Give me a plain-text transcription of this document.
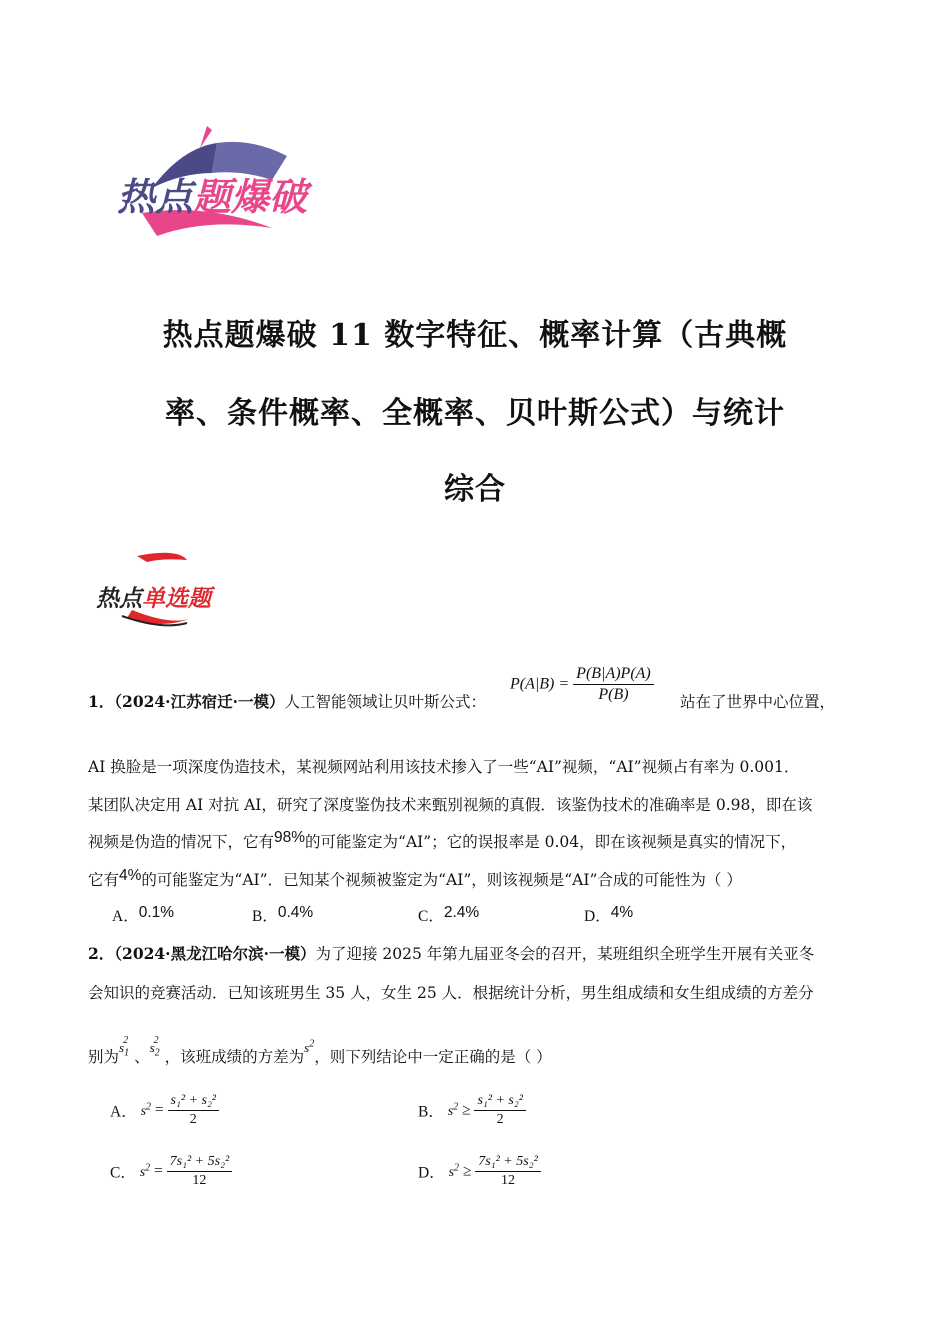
热点题爆破
热点题爆破 11 数字特征、概率计算（古典概
率、条件概率、全概率、贝叶斯公式）与统计
综合
热点单选题
1．（2024·江苏宿迁·一模）人工智能领域让贝叶斯公式：
$P(A|B) = \frac{P(B|A)P(A)}{P(B)}$ 站在了世界中心位置，
AI 换脸是一项深度伪造技术，某视频网站利用该技术掺入了一些“AI”视频，“AI”视频占有率为 0.001．
某团队决定用 AI 对抗 AI，研究了深度鉴伪技术来甄别视频的真假．该鉴伪技术的准确率是 0.98，即在该
视频是伪造的情况下，它有98%的可能鉴定为“AI”；它的误报率是 0.04，即在该视频是真实的情况下，
它有4%的可能鉴定为“AI”．已知某个视频被鉴定为“AI”，则该视频是“AI”合成的可能性为（ ）
A．0.1%	B．0.4%	C．2.4%	D．4%
2．（2024·黑龙江哈尔滨·一模）为了迎接 2025 年第九届亚冬会的召开，某班组织全班学生开展有关亚冬
会知识的竞赛活动．已知该班男生 35 人，女生 25 人．根据统计分析，男生组成绩和女生组成绩的方差分
别为$^{s_1^2}$、$^{s_2^2}$，该班成绩的方差为$^{s^2}$，则下列结论中一定正确的是（ ）
A． $s^2 = \frac{\text{s₁² + s₂²}}{2}$	B． $s^2 \ge \frac{\text{s₁² + s₂²}}{2}$
C． $s^2 = \frac{\text{7s₁² + 5s₂²}}{12}$	D． $s^2 \ge \frac{\text{7s₁² + 5s₂²}}{12}$
